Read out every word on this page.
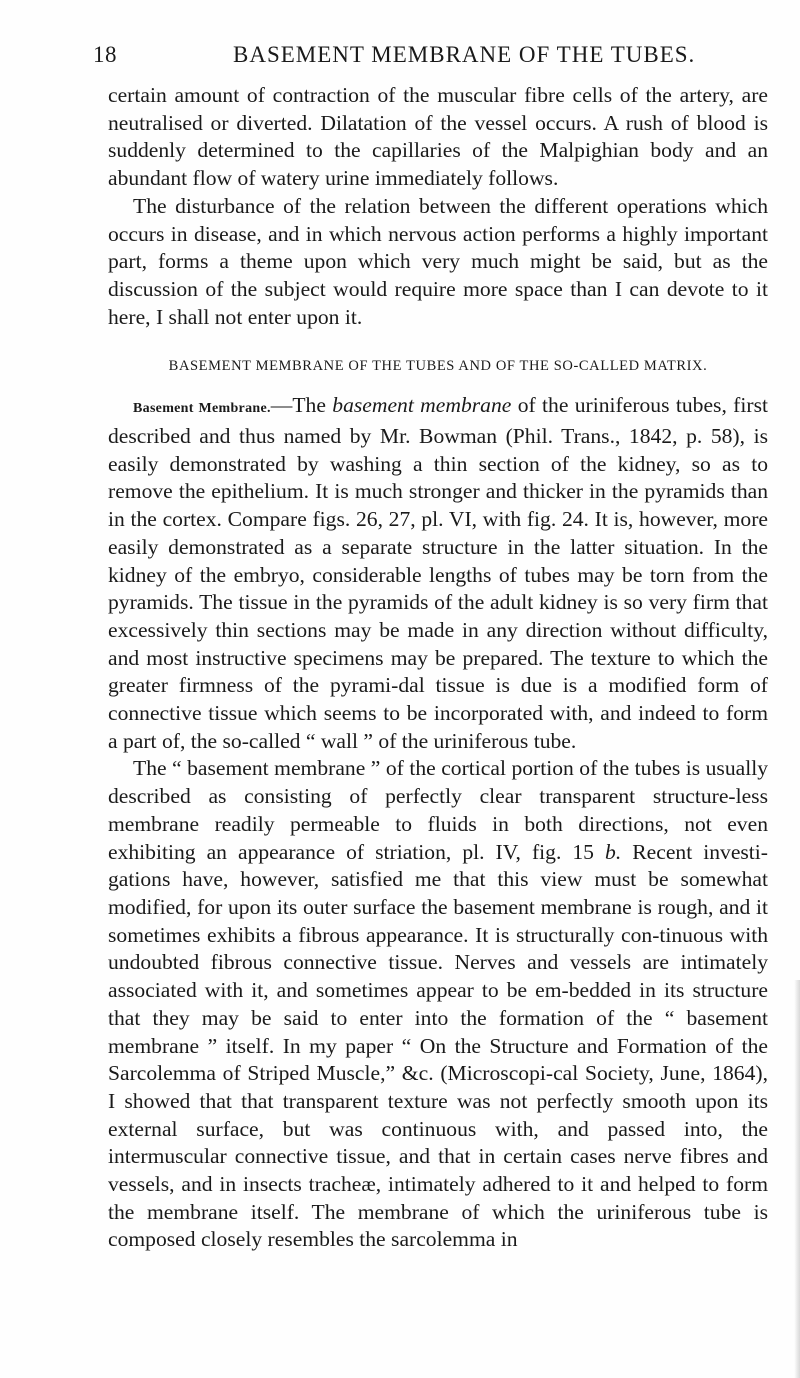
18	BASEMENT MEMBRANE OF THE TUBES.

certain amount of contraction of the muscular fibre cells of the artery, are neutralised or diverted. Dilatation of the vessel occurs. A rush of blood is suddenly determined to the capillaries of the Malpighian body and an abundant flow of watery urine immediately follows.

The disturbance of the relation between the different operations which occurs in disease, and in which nervous action performs a highly important part, forms a theme upon which very much might be said, but as the discussion of the subject would require more space than I can devote to it here, I shall not enter upon it.

BASEMENT MEMBRANE OF THE TUBES AND OF THE SO-CALLED MATRIX.

Basement Membrane.—The basement membrane of the uriniferous tubes, first described and thus named by Mr. Bowman (Phil. Trans., 1842, p. 58), is easily demonstrated by washing a thin section of the kidney, so as to remove the epithelium. It is much stronger and thicker in the pyramids than in the cortex. Compare figs. 26, 27, pl. VI, with fig. 24. It is, however, more easily demonstrated as a separate structure in the latter situation. In the kidney of the embryo, considerable lengths of tubes may be torn from the pyramids. The tissue in the pyramids of the adult kidney is so very firm that excessively thin sections may be made in any direction without difficulty, and most instructive specimens may be prepared. The texture to which the greater firmness of the pyrami-dal tissue is due is a modified form of connective tissue which seems to be incorporated with, and indeed to form a part of, the so-called “ wall ” of the uriniferous tube.

The “ basement membrane ” of the cortical portion of the tubes is usually described as consisting of perfectly clear transparent structure-less membrane readily permeable to fluids in both directions, not even exhibiting an appearance of striation, pl. IV, fig. 15 b. Recent investi-gations have, however, satisfied me that this view must be somewhat modified, for upon its outer surface the basement membrane is rough, and it sometimes exhibits a fibrous appearance. It is structurally con-tinuous with undoubted fibrous connective tissue. Nerves and vessels are intimately associated with it, and sometimes appear to be em-bedded in its structure that they may be said to enter into the formation of the “ basement membrane ” itself. In my paper “ On the Structure and Formation of the Sarcolemma of Striped Muscle,” &c. (Microscopi-cal Society, June, 1864), I showed that that transparent texture was not perfectly smooth upon its external surface, but was continuous with, and passed into, the intermuscular connective tissue, and that in certain cases nerve fibres and vessels, and in insects tracheæ, intimately adhered to it and helped to form the membrane itself. The membrane of which the uriniferous tube is composed closely resembles the sarcolemma in
